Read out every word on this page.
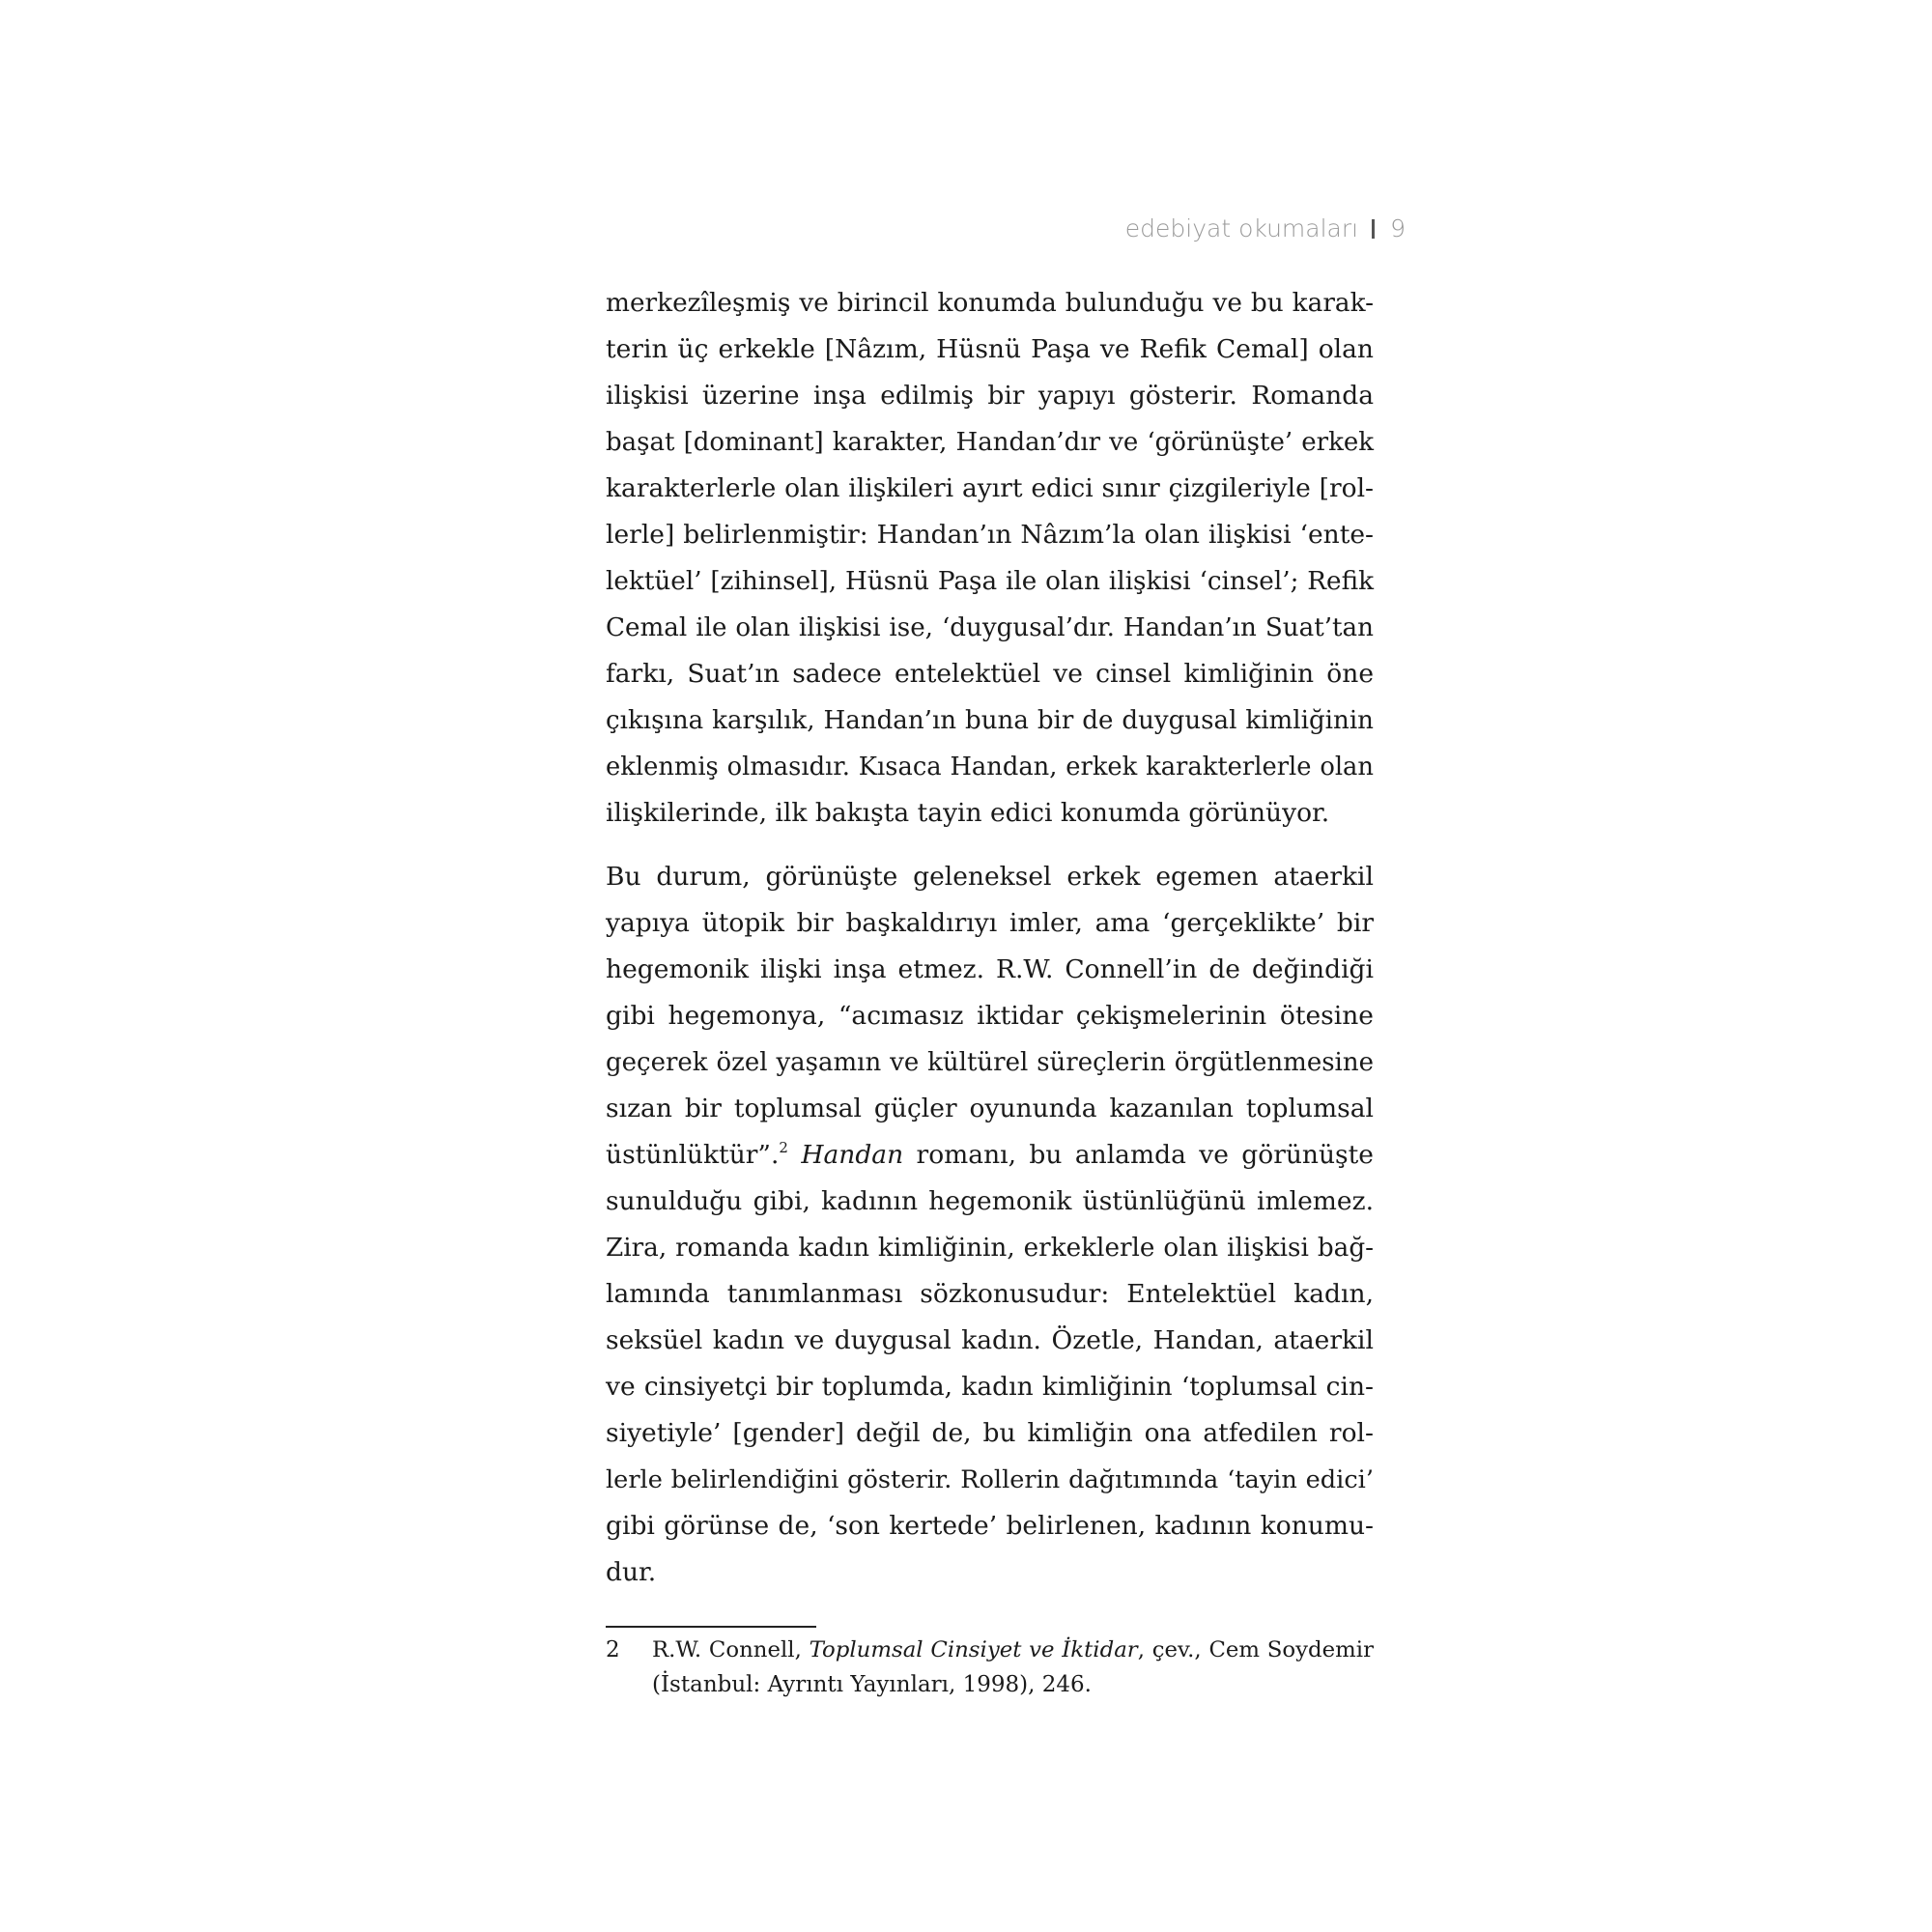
edebiyat okumaları 9
merkezîleşmiş ve birincil konumda bulunduğu ve bu karak-
terin üç erkekle [Nâzım, Hüsnü Paşa ve Refik Cemal] olan
ilişkisi üzerine inşa edilmiş bir yapıyı gösterir. Romanda
başat [dominant] karakter, Handan’dır ve ‘görünüşte’ erkek
karakterlerle olan ilişkileri ayırt edici sınır çizgileriyle [rol-
lerle] belirlenmiştir: Handan’ın Nâzım’la olan ilişkisi ‘ente-
lektüel’ [zihinsel], Hüsnü Paşa ile olan ilişkisi ‘cinsel’; Refik
Cemal ile olan ilişkisi ise, ‘duygusal’dır. Handan’ın Suat’tan
farkı, Suat’ın sadece entelektüel ve cinsel kimliğinin öne
çıkışına karşılık, Handan’ın buna bir de duygusal kimliğinin
eklenmiş olmasıdır. Kısaca Handan, erkek karakterlerle olan
ilişkilerinde, ilk bakışta tayin edici konumda görünüyor.
Bu durum, görünüşte geleneksel erkek egemen ataerkil
yapıya ütopik bir başkaldırıyı imler, ama ‘gerçeklikte’ bir
hegemonik ilişki inşa etmez. R.W. Connell’in de değindiği
gibi hegemonya, “acımasız iktidar çekişmelerinin ötesine
geçerek özel yaşamın ve kültürel süreçlerin örgütlenmesine
sızan bir toplumsal güçler oyununda kazanılan toplumsal
üstünlüktür”.$^2$ Handan romanı, bu anlamda ve görünüşte
sunulduğu gibi, kadının hegemonik üstünlüğünü imlemez.
Zira, romanda kadın kimliğinin, erkeklerle olan ilişkisi bağ-
lamında tanımlanması sözkonusudur: Entelektüel kadın,
seksüel kadın ve duygusal kadın. Özetle, Handan, ataerkil
ve cinsiyetçi bir toplumda, kadın kimliğinin ‘toplumsal cin-
siyetiyle’ [gender] değil de, bu kimliğin ona atfedilen rol-
lerle belirlendiğini gösterir. Rollerin dağıtımında ‘tayin edici’
gibi görünse de, ‘son kertede’ belirlenen, kadının konumu-
dur.
2 R.W. Connell, Toplumsal Cinsiyet ve İktidar, çev., Cem Soydemir
(İstanbul: Ayrıntı Yayınları, 1998), 246.
